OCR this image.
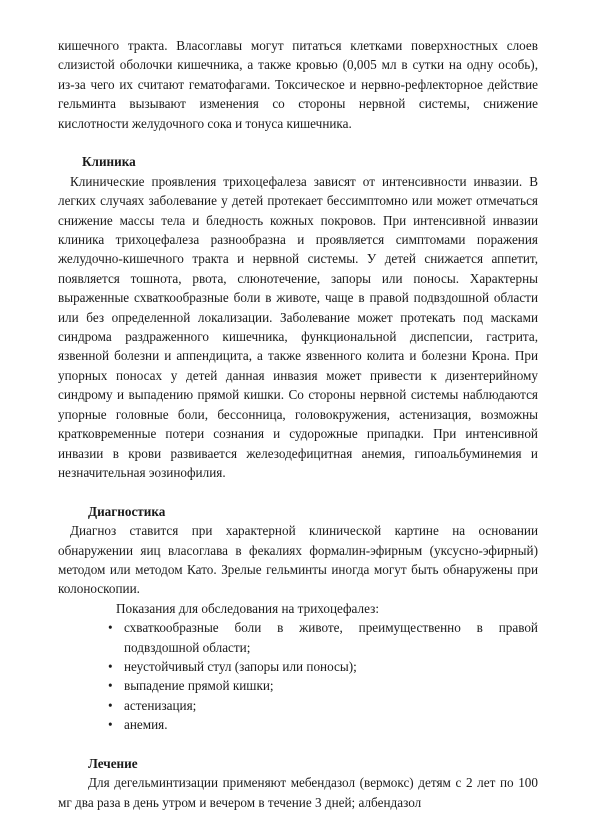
кишечного тракта. Власоглавы могут питаться клетками поверхностных слоев слизистой оболочки кишечника, а также кровью (0,005 мл в сутки на одну особь), из-за чего их считают гематофагами. Токсическое и нервно-рефлекторное действие гельминта вызывают изменения со стороны нервной системы, снижение кислотности желудочного сока и тонуса кишечника.

Клиника

Клинические проявления трихоцефалеза зависят от интенсивности инвазии. В легких случаях заболевание у детей протекает бессимптомно или может отмечаться снижение массы тела и бледность кожных покровов. При интенсивной инвазии клиника трихоцефалеза разнообразна и проявляется симптомами поражения желудочно-кишечного тракта и нервной системы. У детей снижается аппетит, появляется тошнота, рвота, слюнотечение, запоры или поносы. Характерны выраженные схваткообразные боли в животе, чаще в правой подвздошной области или без определенной локализации. Заболевание может протекать под масками синдрома раздраженного кишечника, функциональной диспепсии, гастрита, язвенной болезни и аппендицита, а также язвенного колита и болезни Крона. При упорных поносах у детей данная инвазия может привести к дизентерийному синдрому и выпадению прямой кишки. Со стороны нервной системы наблюдаются упорные головные боли, бессонница, головокружения, астенизация, возможны кратковременные потери сознания и судорожные припадки. При интенсивной инвазии в крови развивается железодефицитная анемия, гипоальбуминемия и незначительная эозинофилия.

Диагностика

Диагноз ставится при характерной клинической картине на основании обнаружении яиц власоглава в фекалиях формалин-эфирным (уксусно-эфирный) методом или методом Като. Зрелые гельминты иногда могут быть обнаружены при колоноскопии.

Показания для обследования на трихоцефалез:

• схваткообразные боли в животе, преимущественно в правой подвздошной области;
• неустойчивый стул (запоры или поносы);
• выпадение прямой кишки;
• астенизация;
• анемия.

Лечение

Для дегельминтизации применяют мебендазол (вермокс) детям с 2 лет по 100 мг два раза в день утром и вечером в течение 3 дней; албендазол
